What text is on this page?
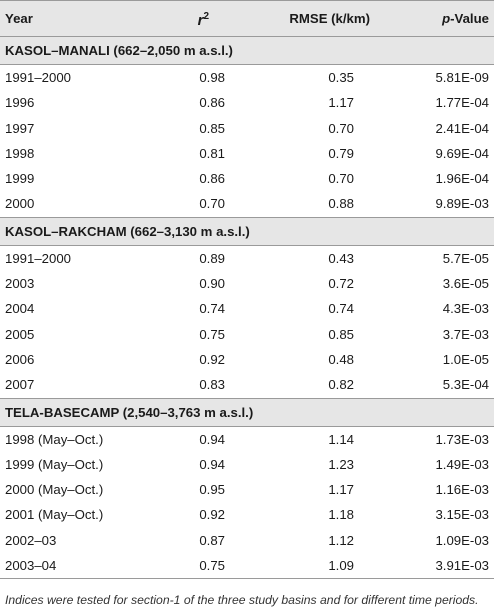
Year	$r^2$	RMSE (k/km)	p-Value
KASOL–MANALI (662–2,050 m a.s.l.)			
1991–2000	0.98	0.35	5.81E-09
1996	0.86	1.17	1.77E-04
1997	0.85	0.70	2.41E-04
1998	0.81	0.79	9.69E-04
1999	0.86	0.70	1.96E-04
2000	0.70	0.88	9.89E-03
KASOL–RAKCHAM (662–3,130 m a.s.l.)			
1991–2000	0.89	0.43	5.7E-05
2003	0.90	0.72	3.6E-05
2004	0.74	0.74	4.3E-03
2005	0.75	0.85	3.7E-03
2006	0.92	0.48	1.0E-05
2007	0.83	0.82	5.3E-04
TELA-BASECAMP (2,540–3,763 m a.s.l.)			
1998 (May–Oct.)	0.94	1.14	1.73E-03
1999 (May–Oct.)	0.94	1.23	1.49E-03
2000 (May–Oct.)	0.95	1.17	1.16E-03
2001 (May–Oct.)	0.92	1.18	3.15E-03
2002–03	0.87	1.12	1.09E-03
2003–04	0.75	1.09	3.91E-03
Indices were tested for section-1 of the three study basins and for different time periods.
